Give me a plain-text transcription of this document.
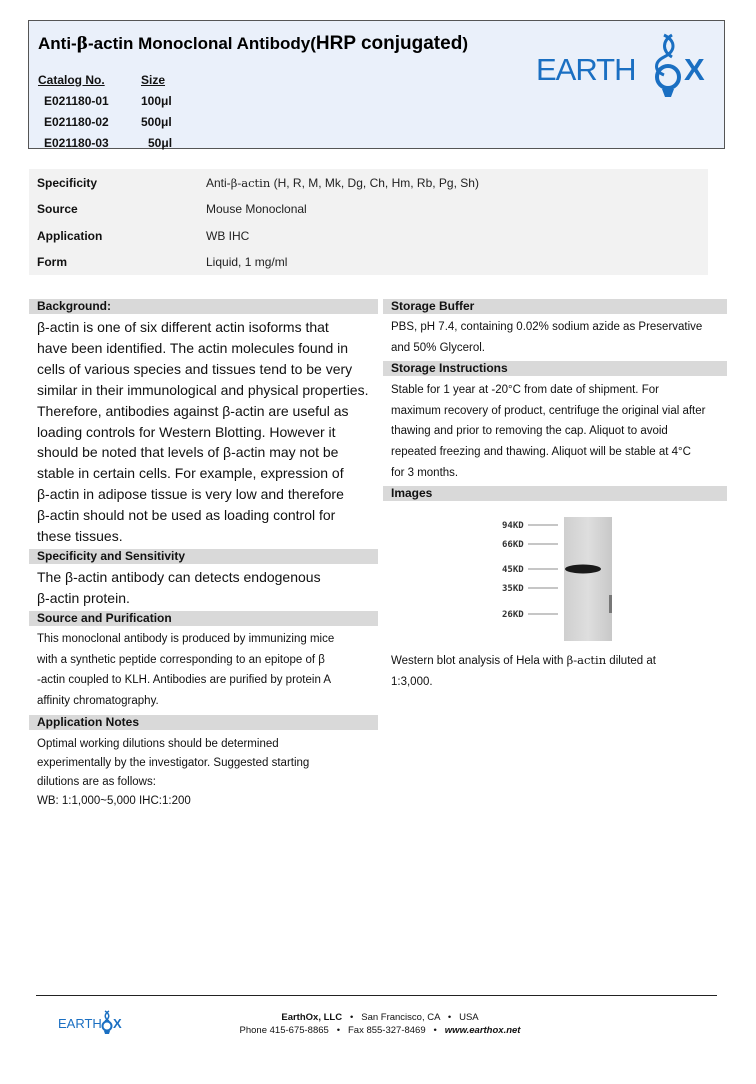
Anti-β-actin Monoclonal Antibody(HRP conjugated)
Catalog No.	Size
E021180-01	100μl
E021180-02	500μl
E021180-03	50μl
EARTH X
Specificity	Anti-β-actin (H, R, M, Mk, Dg, Ch, Hm, Rb, Pg, Sh)
Source	Mouse Monoclonal
Application	WB IHC
Form	Liquid, 1 mg/ml
Background:
β-actin is one of six different actin isoforms that
have been identified. The actin molecules found in
cells of various species and tissues tend to be very
similar in their immunological and physical properties.
Therefore, antibodies against β-actin are useful as
loading controls for Western Blotting. However it
should be noted that levels of β-actin may not be
stable in certain cells. For example, expression of
β-actin in adipose tissue is very low and therefore
β-actin should not be used as loading control for
these tissues.
Specificity and Sensitivity
The β-actin antibody can detects endogenous
β-actin protein.
Source and Purification
This monoclonal antibody is produced by immunizing mice
with a synthetic peptide corresponding to an epitope of β
-actin coupled to KLH. Antibodies are purified by protein A
affinity chromatography.
Application Notes
Optimal working dilutions should be determined
experimentally by the investigator. Suggested starting
dilutions are as follows:
WB: 1:1,000~5,000 IHC:1:200
Storage Buffer
PBS, pH 7.4, containing 0.02% sodium azide as Preservative
and 50% Glycerol.
Storage Instructions
Stable for 1 year at -20°C from date of shipment. For
maximum recovery of product, centrifuge the original vial after
thawing and prior to removing the cap. Aliquot to avoid
repeated freezing and thawing. Aliquot will be stable at 4°C
for 3 months.
Images
94KD
66KD
45KD
35KD
26KD
Western blot analysis of Hela with β-actin diluted at
1:3,000.
EARTH X	EarthOx, LLC • San Francisco, CA • USA
Phone 415-675-8865 • Fax 855-327-8469 • www.earthox.net
